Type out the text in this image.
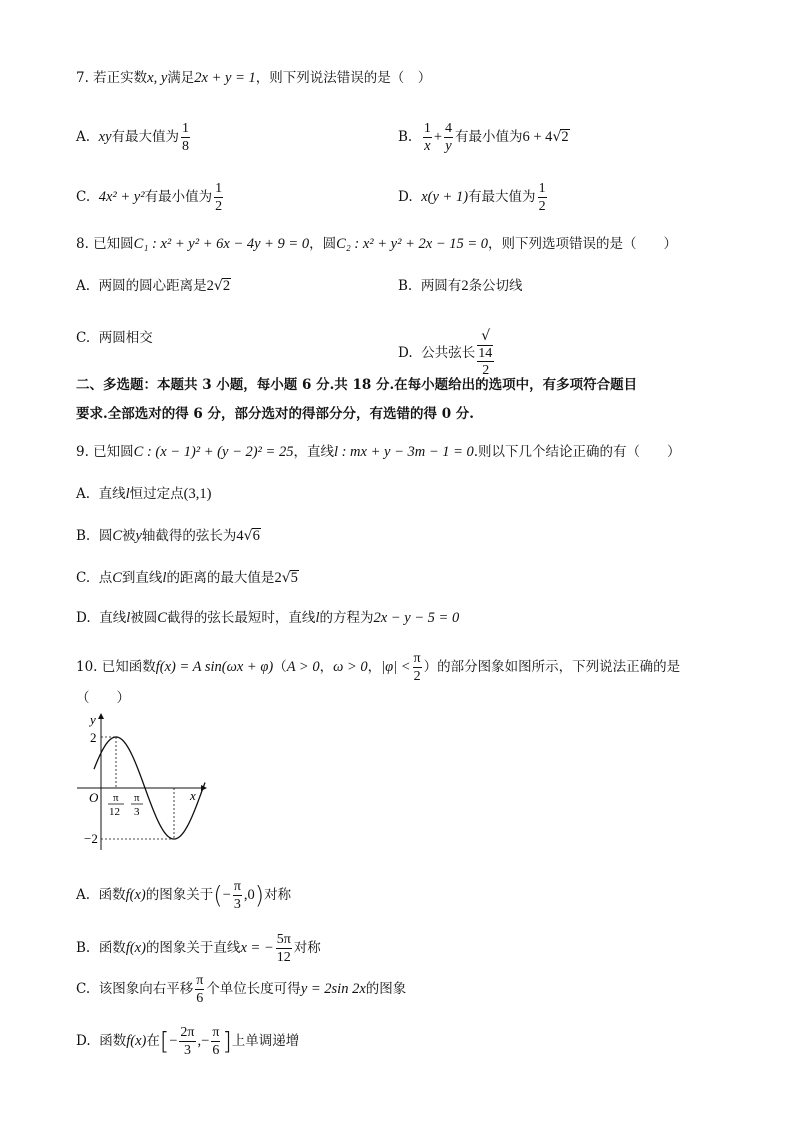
7. 若正实数x, y满足2x + y = 1，则下列说法错误的是（　）
A. xy有最大值为 $\frac{1}{8}$	B. $\frac{1}{x} + \frac{4}{y}$ 有最小值为6 + 4√2
C. 4x² + y²有最小值为 $\frac{1}{2}$	D. x(y + 1)有最大值为 $\frac{1}{2}$
8. 已知圆C₁ : x² + y² + 6x − 4y + 9 = 0，圆C₂ : x² + y² + 2x − 15 = 0，则下列选项错误的是（　　）
A. 两圆的圆心距离是2√2	B. 两圆有2条公切线
C. 两圆相交
D. 公共弦长 √
14
2
二、多选题：本题共 3 小题，每小题 6 分.共 18 分.在每小题给出的选项中，有多项符合题目
要求.全部选对的得 6 分，部分选对的得部分分，有选错的得 0 分.
9. 已知圆C : (x − 1)² + (y − 2)² = 25，直线l : mx + y − 3m − 1 = 0.则以下几个结论正确的有（　　）
A. 直线l恒过定点(3,1)
B. 圆C被y轴截得的弦长为4√6
C. 点C到直线l的距离的最大值是2√5
D. 直线l被圆C截得的弦长最短时，直线l的方程为2x − y − 5 = 0
10. 已知函数f(x) = A sin(ωx + φ)（A > 0，ω > 0，$|\varphi| < \frac{\pi}{2}$ ）的部分图象如图所示，下列说法正确的是
（　　）
y
x
O
2
−2
π
12
π
3
A. 函数f(x)的图象关于(− $\frac{\pi}{3} ,0$)对称
B. 函数f(x)的图象关于直线x = − $\frac{5\pi}{12}$ 对称
C. 该图象向右平移 $\frac{\pi}{6}$ 个单位长度可得y = 2sin 2x的图象
D. 函数f(x)在[− $\frac{2\pi}{3}$ ,− $\frac{\pi}{6}$ ]上单调递增
